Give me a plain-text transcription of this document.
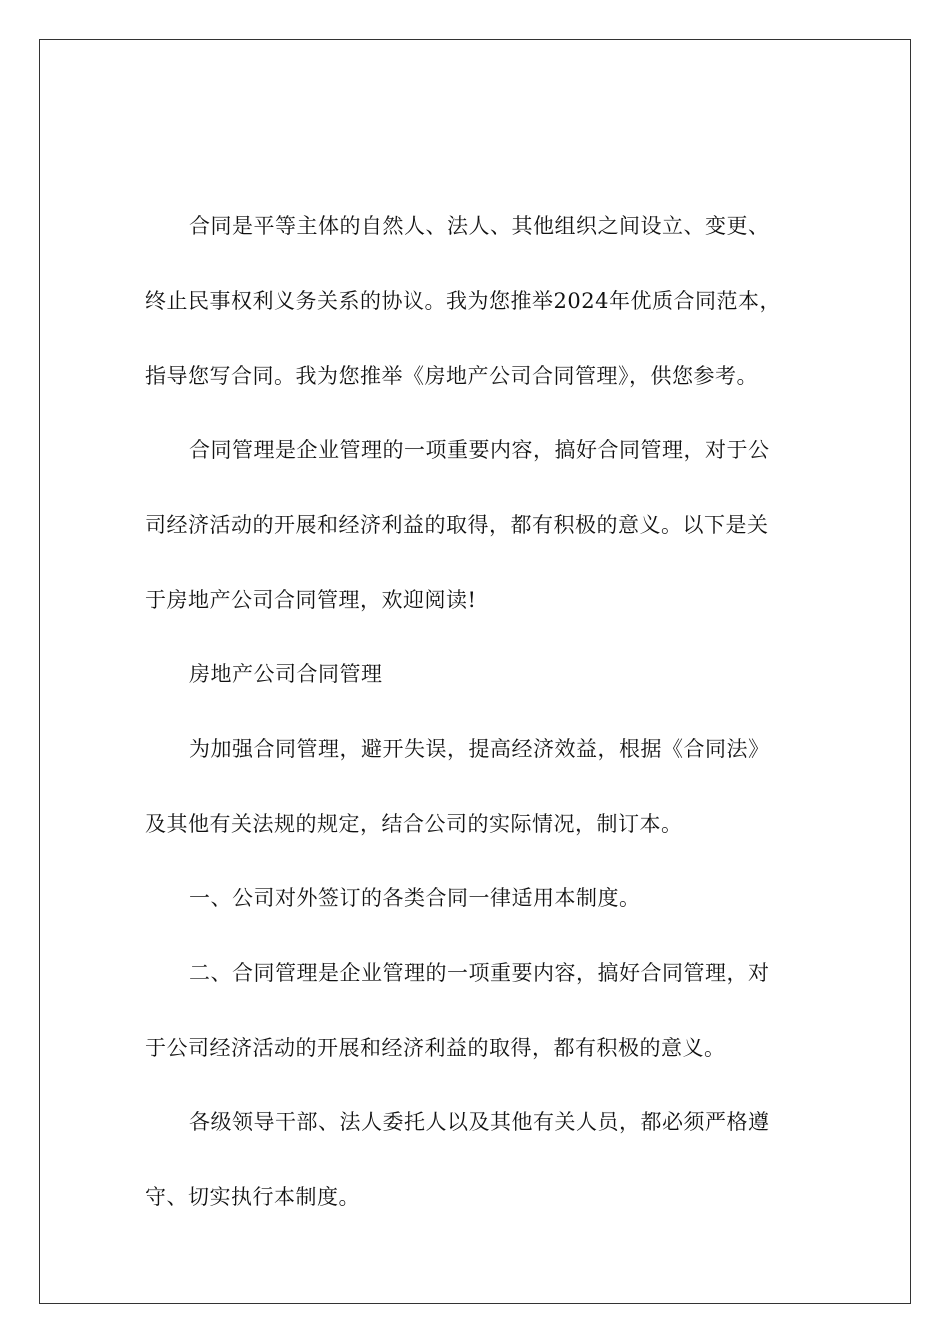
合同是平等主体的自然人、法人、其他组织之间设立、变更、
终止民事权利义务关系的协议。我为您推举2024年优质合同范本，
指导您写合同。我为您推举《房地产公司合同管理》，供您参考。
合同管理是企业管理的一项重要内容，搞好合同管理，对于公
司经济活动的开展和经济利益的取得，都有积极的意义。以下是关
于房地产公司合同管理，欢迎阅读!
房地产公司合同管理
为加强合同管理，避开失误，提高经济效益，根据《合同法》
及其他有关法规的规定，结合公司的实际情况，制订本。
一、公司对外签订的各类合同一律适用本制度。
二、合同管理是企业管理的一项重要内容，搞好合同管理，对
于公司经济活动的开展和经济利益的取得，都有积极的意义。
各级领导干部、法人委托人以及其他有关人员，都必须严格遵
守、切实执行本制度。
